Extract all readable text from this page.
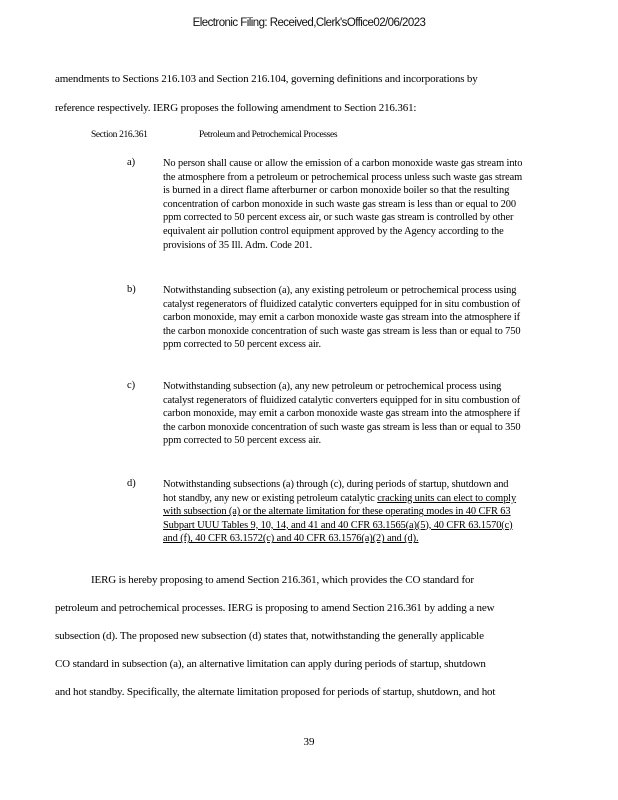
Electronic Filing: Received,Clerk'sOffice02/06/2023
amendments to Sections 216.103 and Section 216.104, governing definitions and incorporations by
reference respectively. IERG proposes the following amendment to Section 216.361:
Section 216.361	Petroleum and Petrochemical Processes
a)	No person shall cause or allow the emission of a carbon monoxide waste gas stream into the atmosphere from a petroleum or petrochemical process unless such waste gas stream is burned in a direct flame afterburner or carbon monoxide boiler so that the resulting concentration of carbon monoxide in such waste gas stream is less than or equal to 200 ppm corrected to 50 percent excess air, or such waste gas stream is controlled by other equivalent air pollution control equipment approved by the Agency according to the provisions of 35 Ill. Adm. Code 201.
b)	Notwithstanding subsection (a), any existing petroleum or petrochemical process using catalyst regenerators of fluidized catalytic converters equipped for in situ combustion of carbon monoxide, may emit a carbon monoxide waste gas stream into the atmosphere if the carbon monoxide concentration of such waste gas stream is less than or equal to 750 ppm corrected to 50 percent excess air.
c)	Notwithstanding subsection (a), any new petroleum or petrochemical process using catalyst regenerators of fluidized catalytic converters equipped for in situ combustion of carbon monoxide, may emit a carbon monoxide waste gas stream into the atmosphere if the carbon monoxide concentration of such waste gas stream is less than or equal to 350 ppm corrected to 50 percent excess air.
d)	Notwithstanding subsections (a) through (c), during periods of startup, shutdown and hot standby, any new or existing petroleum catalytic cracking units can elect to comply with subsection (a) or the alternate limitation for these operating modes in 40 CFR 63 Subpart UUU Tables 9, 10, 14, and 41 and 40 CFR 63.1565(a)(5), 40 CFR 63.1570(c) and (f), 40 CFR 63.1572(c) and 40 CFR 63.1576(a)(2) and (d).
IERG is hereby proposing to amend Section 216.361, which provides the CO standard for
petroleum and petrochemical processes. IERG is proposing to amend Section 216.361 by adding a new
subsection (d). The proposed new subsection (d) states that, notwithstanding the generally applicable
CO standard in subsection (a), an alternative limitation can apply during periods of startup, shutdown
and hot standby. Specifically, the alternate limitation proposed for periods of startup, shutdown, and hot
39
